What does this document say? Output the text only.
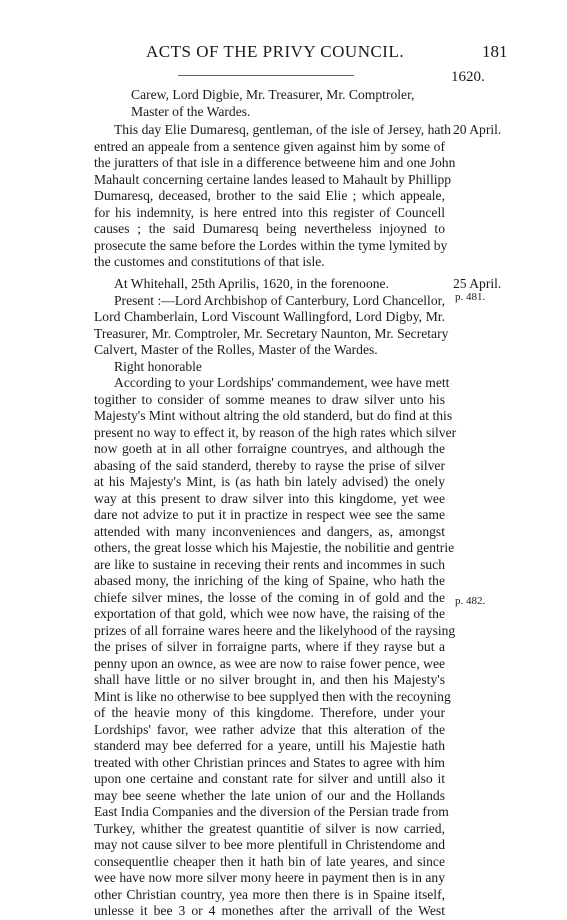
ACTS OF THE PRIVY COUNCIL.	181
1620.
Carew, Lord Digbie, Mr. Treasurer, Mr. Comptroler,
Master of the Wardes.
20 April.
This day Elie Dumaresq, gentleman, of the isle of Jersey, hath
entred an appeale from a sentence given against him by some of
the juratters of that isle in a difference betweene him and one John
Mahault concerning certaine landes leased to Mahault by Phillipp
Dumaresq, deceased, brother to the said Elie ; which appeale,
for his indemnity, is here entred into this register of Councell
causes ; the said Dumaresq being nevertheless injoyned to
prosecute the same before the Lordes within the tyme lymited by
the customes and constitutions of that isle.
25 April.
p. 481.
At Whitehall, 25th Aprilis, 1620, in the forenoone.
Present :—Lord Archbishop of Canterbury, Lord Chancellor,
Lord Chamberlain, Lord Viscount Wallingford, Lord Digby, Mr.
Treasurer, Mr. Comptroler, Mr. Secretary Naunton, Mr. Secretary
Calvert, Master of the Rolles, Master of the Wardes.
Right honorable
p. 482.
According to your Lordships' commandement, wee have mett
togither to consider of somme meanes to draw silver unto his
Majesty's Mint without altring the old standerd, but do find at this
present no way to effect it, by reason of the high rates which silver
now goeth at in all other forraigne countryes, and although the
abasing of the said standerd, thereby to rayse the prise of silver
at his Majesty's Mint, is (as hath bin lately advised) the onely
way at this present to draw silver into this kingdome, yet wee
dare not advize to put it in practize in respect wee see the same
attended with many inconveniences and dangers, as, amongst
others, the great losse which his Majestie, the nobilitie and gentrie
are like to sustaine in receving their rents and incommes in such
abased mony, the inriching of the king of Spaine, who hath the
chiefe silver mines, the losse of the coming in of gold and the
exportation of that gold, which wee now have, the raising of the
prizes of all forraine wares heere and the likelyhood of the raysing
the prises of silver in forraigne parts, where if they rayse but a
penny upon an ownce, as wee are now to raise fower pence, wee
shall have little or no silver brought in, and then his Majesty's
Mint is like no otherwise to bee supplyed then with the recoyning
of the heavie mony of this kingdome. Therefore, under your
Lordships' favor, wee rather advize that this alteration of the
standerd may bee deferred for a yeare, untill his Majestie hath
treated with other Christian princes and States to agree with him
upon one certaine and constant rate for silver and untill also it
may bee seene whether the late union of our and the Hollands
East India Companies and the diversion of the Persian trade from
Turkey, whither the greatest quantitie of silver is now carried,
may not cause silver to bee more plentifull in Christendome and
consequentlie cheaper then it hath bin of late yeares, and since
wee have now more silver mony heere in payment then is in any
other Christian country, yea more then there is in Spaine itself,
unlesse it bee 3 or 4 monethes after the arrivall of the West
